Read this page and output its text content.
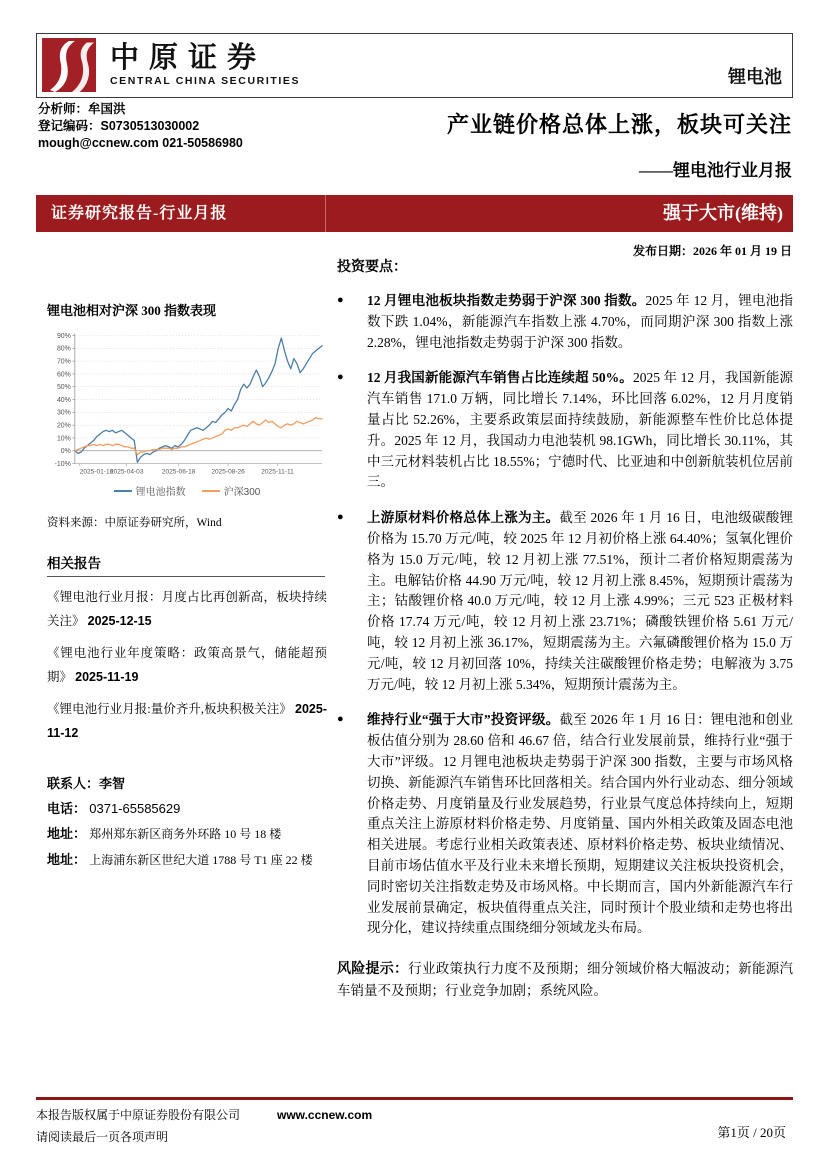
中原证券
CENTRAL CHINA SECURITIES	锂电池
分析师：牟国洪
登记编码：S0730513030002
mough@ccnew.com 021-50586980
产业链价格总体上涨，板块可关注
——锂电池行业月报
证券研究报告-行业月报	强于大市(维持)
发布日期：2026 年 01 月 19 日
锂电池相对沪深 300 指数表现
90%
80%
70%
60%
50%
40%
30%
20%
10%
0%
-10%
2025-01-16
2025-04-03	2025-06-18 2025-08-26 2025-11-11
锂电池指数	沪深300
资料来源：中原证券研究所，Wind
相关报告

《锂电池行业月报：月度占比再创新高，板块持续关注》 2025-12-15

《锂电池行业年度策略：政策高景气，储能超预期》 2025-11-19

《锂电池行业月报:量价齐升,板块积极关注》 2025-11-12

联系人：李智
电话： 0371-65585629
地址： 郑州郑东新区商务外环路 10 号 18 楼
地址： 上海浦东新区世纪大道 1788 号 T1 座 22 楼
投资要点：
● 12 月锂电池板块指数走势弱于沪深 300 指数。2025 年 12 月，锂电池指数下跌 1.04%，新能源汽车指数上涨 4.70%，而同期沪深 300 指数上涨 2.28%，锂电池指数走势弱于沪深 300 指数。

● 12 月我国新能源汽车销售占比连续超 50%。2025 年 12 月，我国新能源汽车销售 171.0 万辆，同比增长 7.14%，环比回落 6.02%，12 月月度销量占比 52.26%，主要系政策层面持续鼓励，新能源整车性价比总体提升。2025 年 12 月，我国动力电池装机 98.1GWh，同比增长 30.11%，其中三元材料装机占比 18.55%；宁德时代、比亚迪和中创新航装机位居前三。

● 上游原材料价格总体上涨为主。截至 2026 年 1 月 16 日，电池级碳酸锂价格为 15.70 万元/吨，较 2025 年 12 月初价格上涨 64.40%；氢氧化锂价格为 15.0 万元/吨，较 12 月初上涨 77.51%，预计二者价格短期震荡为主。电解钴价格 44.90 万元/吨，较 12 月初上涨 8.45%，短期预计震荡为主；钴酸锂价格 40.0 万元/吨，较 12 月上涨 4.99%；三元 523 正极材料价格 17.74 万元/吨，较 12 月初上涨 23.71%；磷酸铁锂价格 5.61 万元/吨，较 12 月初上涨 36.17%，短期震荡为主。六氟磷酸锂价格为 15.0 万元/吨，较 12 月初回落 10%，持续关注碳酸锂价格走势；电解液为 3.75 万元/吨，较 12 月初上涨 5.34%，短期预计震荡为主。

● 维持行业“强于大市”投资评级。截至 2026 年 1 月 16 日：锂电池和创业板估值分别为 28.60 倍和 46.67 倍，结合行业发展前景，维持行业“强于大市”评级。12 月锂电池板块走势弱于沪深 300 指数，主要与市场风格切换、新能源汽车销售环比回落相关。结合国内外行业动态、细分领域价格走势、月度销量及行业发展趋势，行业景气度总体持续向上，短期重点关注上游原材料价格走势、月度销量、国内外相关政策及固态电池相关进展。考虑行业相关政策表述、原材料价格走势、板块业绩情况、目前市场估值水平及行业未来增长预期，短期建议关注板块投资机会，同时密切关注指数走势及市场风格。中长期而言，国内外新能源汽车行业发展前景确定，板块值得重点关注，同时预计个股业绩和走势也将出现分化，建议持续重点围绕细分领域龙头布局。

风险提示：行业政策执行力度不及预期；细分领域价格大幅波动；新能源汽车销量不及预期；行业竞争加剧；系统风险。
本报告版权属于中原证券股份有限公司	www.ccnew.com
请阅读最后一页各项声明	第1页 / 20页
